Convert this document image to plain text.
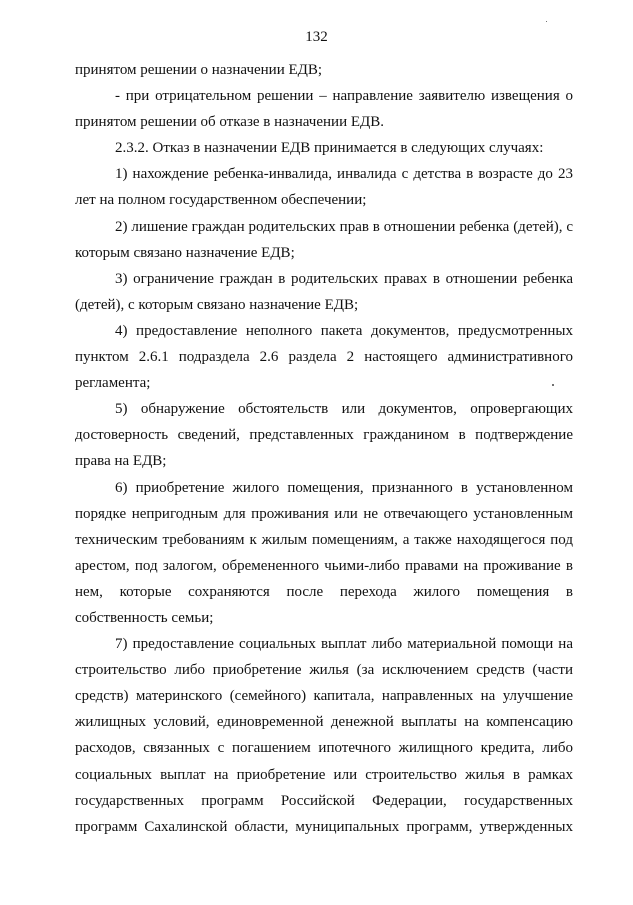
132

принятом решении о назначении ЕДВ;

- при отрицательном решении – направление заявителю извещения о принятом решении об отказе в назначении ЕДВ.

2.3.2. Отказ в назначении ЕДВ принимается в следующих случаях:

1) нахождение ребенка-инвалида, инвалида с детства в возрасте до 23 лет на полном государственном обеспечении;

2) лишение граждан родительских прав в отношении ребенка (детей), с которым связано назначение ЕДВ;

3) ограничение граждан в родительских правах в отношении ребенка (детей), с которым связано назначение ЕДВ;

4) предоставление неполного пакета документов, предусмотренных пунктом 2.6.1 подраздела 2.6 раздела 2 настоящего административного регламента;

5) обнаружение обстоятельств или документов, опровергающих достоверность сведений, представленных гражданином в подтверждение права на ЕДВ;

6) приобретение жилого помещения, признанного в установленном порядке непригодным для проживания или не отвечающего установленным техническим требованиям к жилым помещениям, а также находящегося под арестом, под залогом, обремененного чьими-либо правами на проживание в нем, которые сохраняются после перехода жилого помещения в собственность семьи;

7) предоставление социальных выплат либо материальной помощи на строительство либо приобретение жилья (за исключением средств (части средств) материнского (семейного) капитала, направленных на улучшение жилищных условий, единовременной денежной выплаты на компенсацию расходов, связанных с погашением ипотечного жилищного кредита, либо социальных выплат на приобретение или строительство жилья в рамках государственных программ Российской Федерации, государственных программ Сахалинской области, муниципальных программ, утвержденных
